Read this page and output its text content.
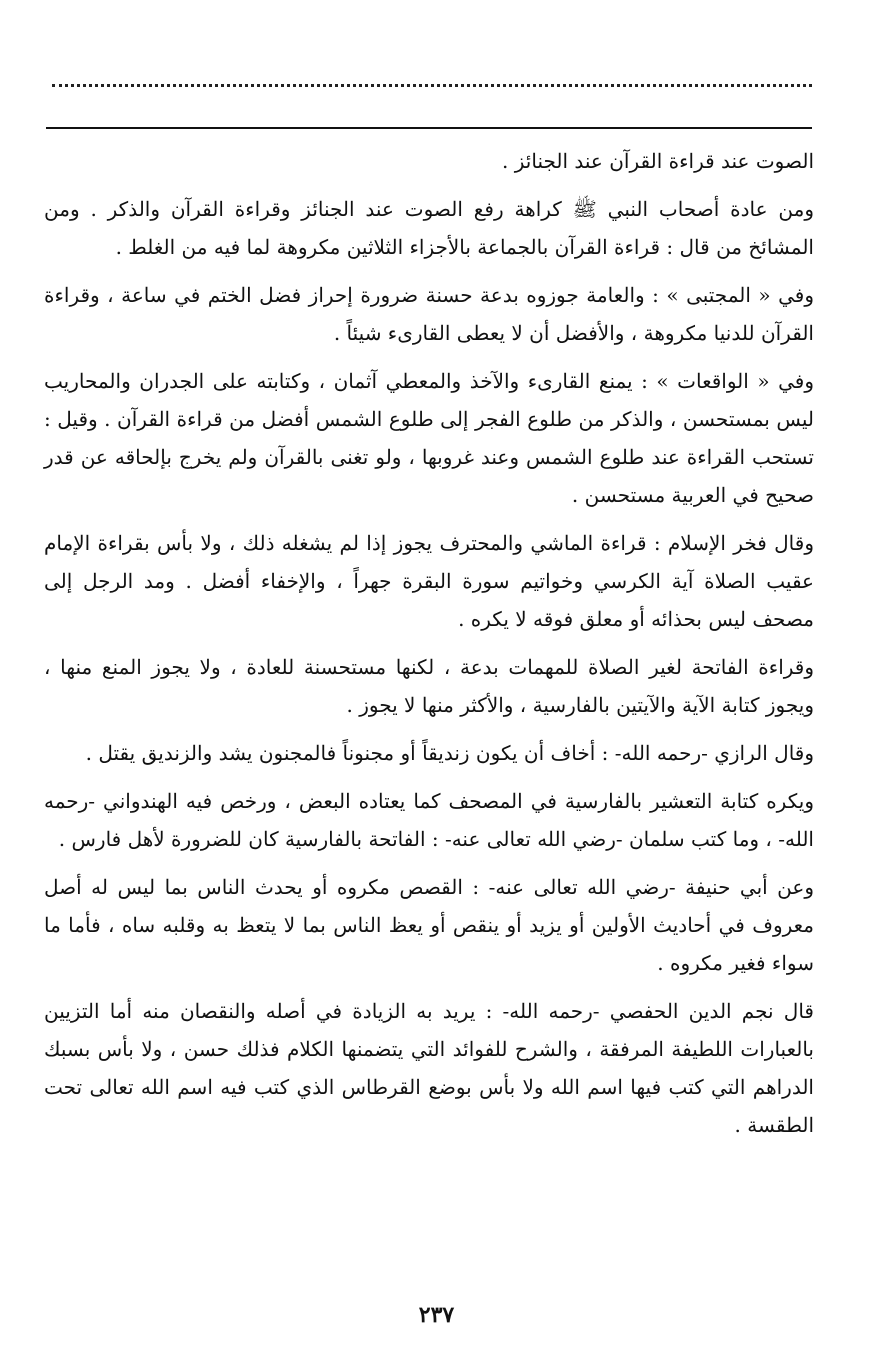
الصوت عند قراءة القرآن عند الجنائز .

ومن عادة أصحاب النبي ﷺ كراهة رفع الصوت عند الجنائز وقراءة القرآن والذكر . ومن المشائخ من قال : قراءة القرآن بالجماعة بالأجزاء الثلاثين مكروهة لما فيه من الغلط .

وفي « المجتبى » : والعامة جوزوه بدعة حسنة ضرورة إحراز فضل الختم في ساعة ، وقراءة القرآن للدنيا مكروهة ، والأفضل أن لا يعطى القارىء شيئاً .

وفي « الواقعات » : يمنع القارىء والآخذ والمعطي آثمان ، وكتابته على الجدران والمحاريب ليس بمستحسن ، والذكر من طلوع الفجر إلى طلوع الشمس أفضل من قراءة القرآن . وقيل : تستحب القراءة عند طلوع الشمس وعند غروبها ، ولو تغنى بالقرآن ولم يخرج بإلحاقه عن قدر صحيح في العربية مستحسن .

وقال فخر الإسلام : قراءة الماشي والمحترف يجوز إذا لم يشغله ذلك ، ولا بأس بقراءة الإمام عقيب الصلاة آية الكرسي وخواتيم سورة البقرة جهراً ، والإخفاء أفضل . ومد الرجل إلى مصحف ليس بحذائه أو معلق فوقه لا يكره .

وقراءة الفاتحة لغير الصلاة للمهمات بدعة ، لكنها مستحسنة للعادة ، ولا يجوز المنع منها ، ويجوز كتابة الآية والآيتين بالفارسية ، والأكثر منها لا يجوز .

وقال الرازي -رحمه الله- : أخاف أن يكون زنديقاً أو مجنوناً فالمجنون يشد والزنديق يقتل .

ويكره كتابة التعشير بالفارسية في المصحف كما يعتاده البعض ، ورخص فيه الهندواني -رحمه الله- ، وما كتب سلمان -رضي الله تعالى عنه- : الفاتحة بالفارسية كان للضرورة لأهل فارس .

وعن أبي حنيفة -رضي الله تعالى عنه- : القصص مكروه أو يحدث الناس بما ليس له أصل معروف في أحاديث الأولين أو يزيد أو ينقص أو يعظ الناس بما لا يتعظ به وقلبه ساه ، فأما ما سواء فغير مكروه .

قال نجم الدين الحفصي -رحمه الله- : يريد به الزيادة في أصله والنقصان منه أما التزيين بالعبارات اللطيفة المرفقة ، والشرح للفوائد التي يتضمنها الكلام فذلك حسن ، ولا بأس بسبك الدراهم التي كتب فيها اسم الله ولا بأس بوضع القرطاس الذي كتب فيه اسم الله تعالى تحت الطقسة .

٢٣٧
